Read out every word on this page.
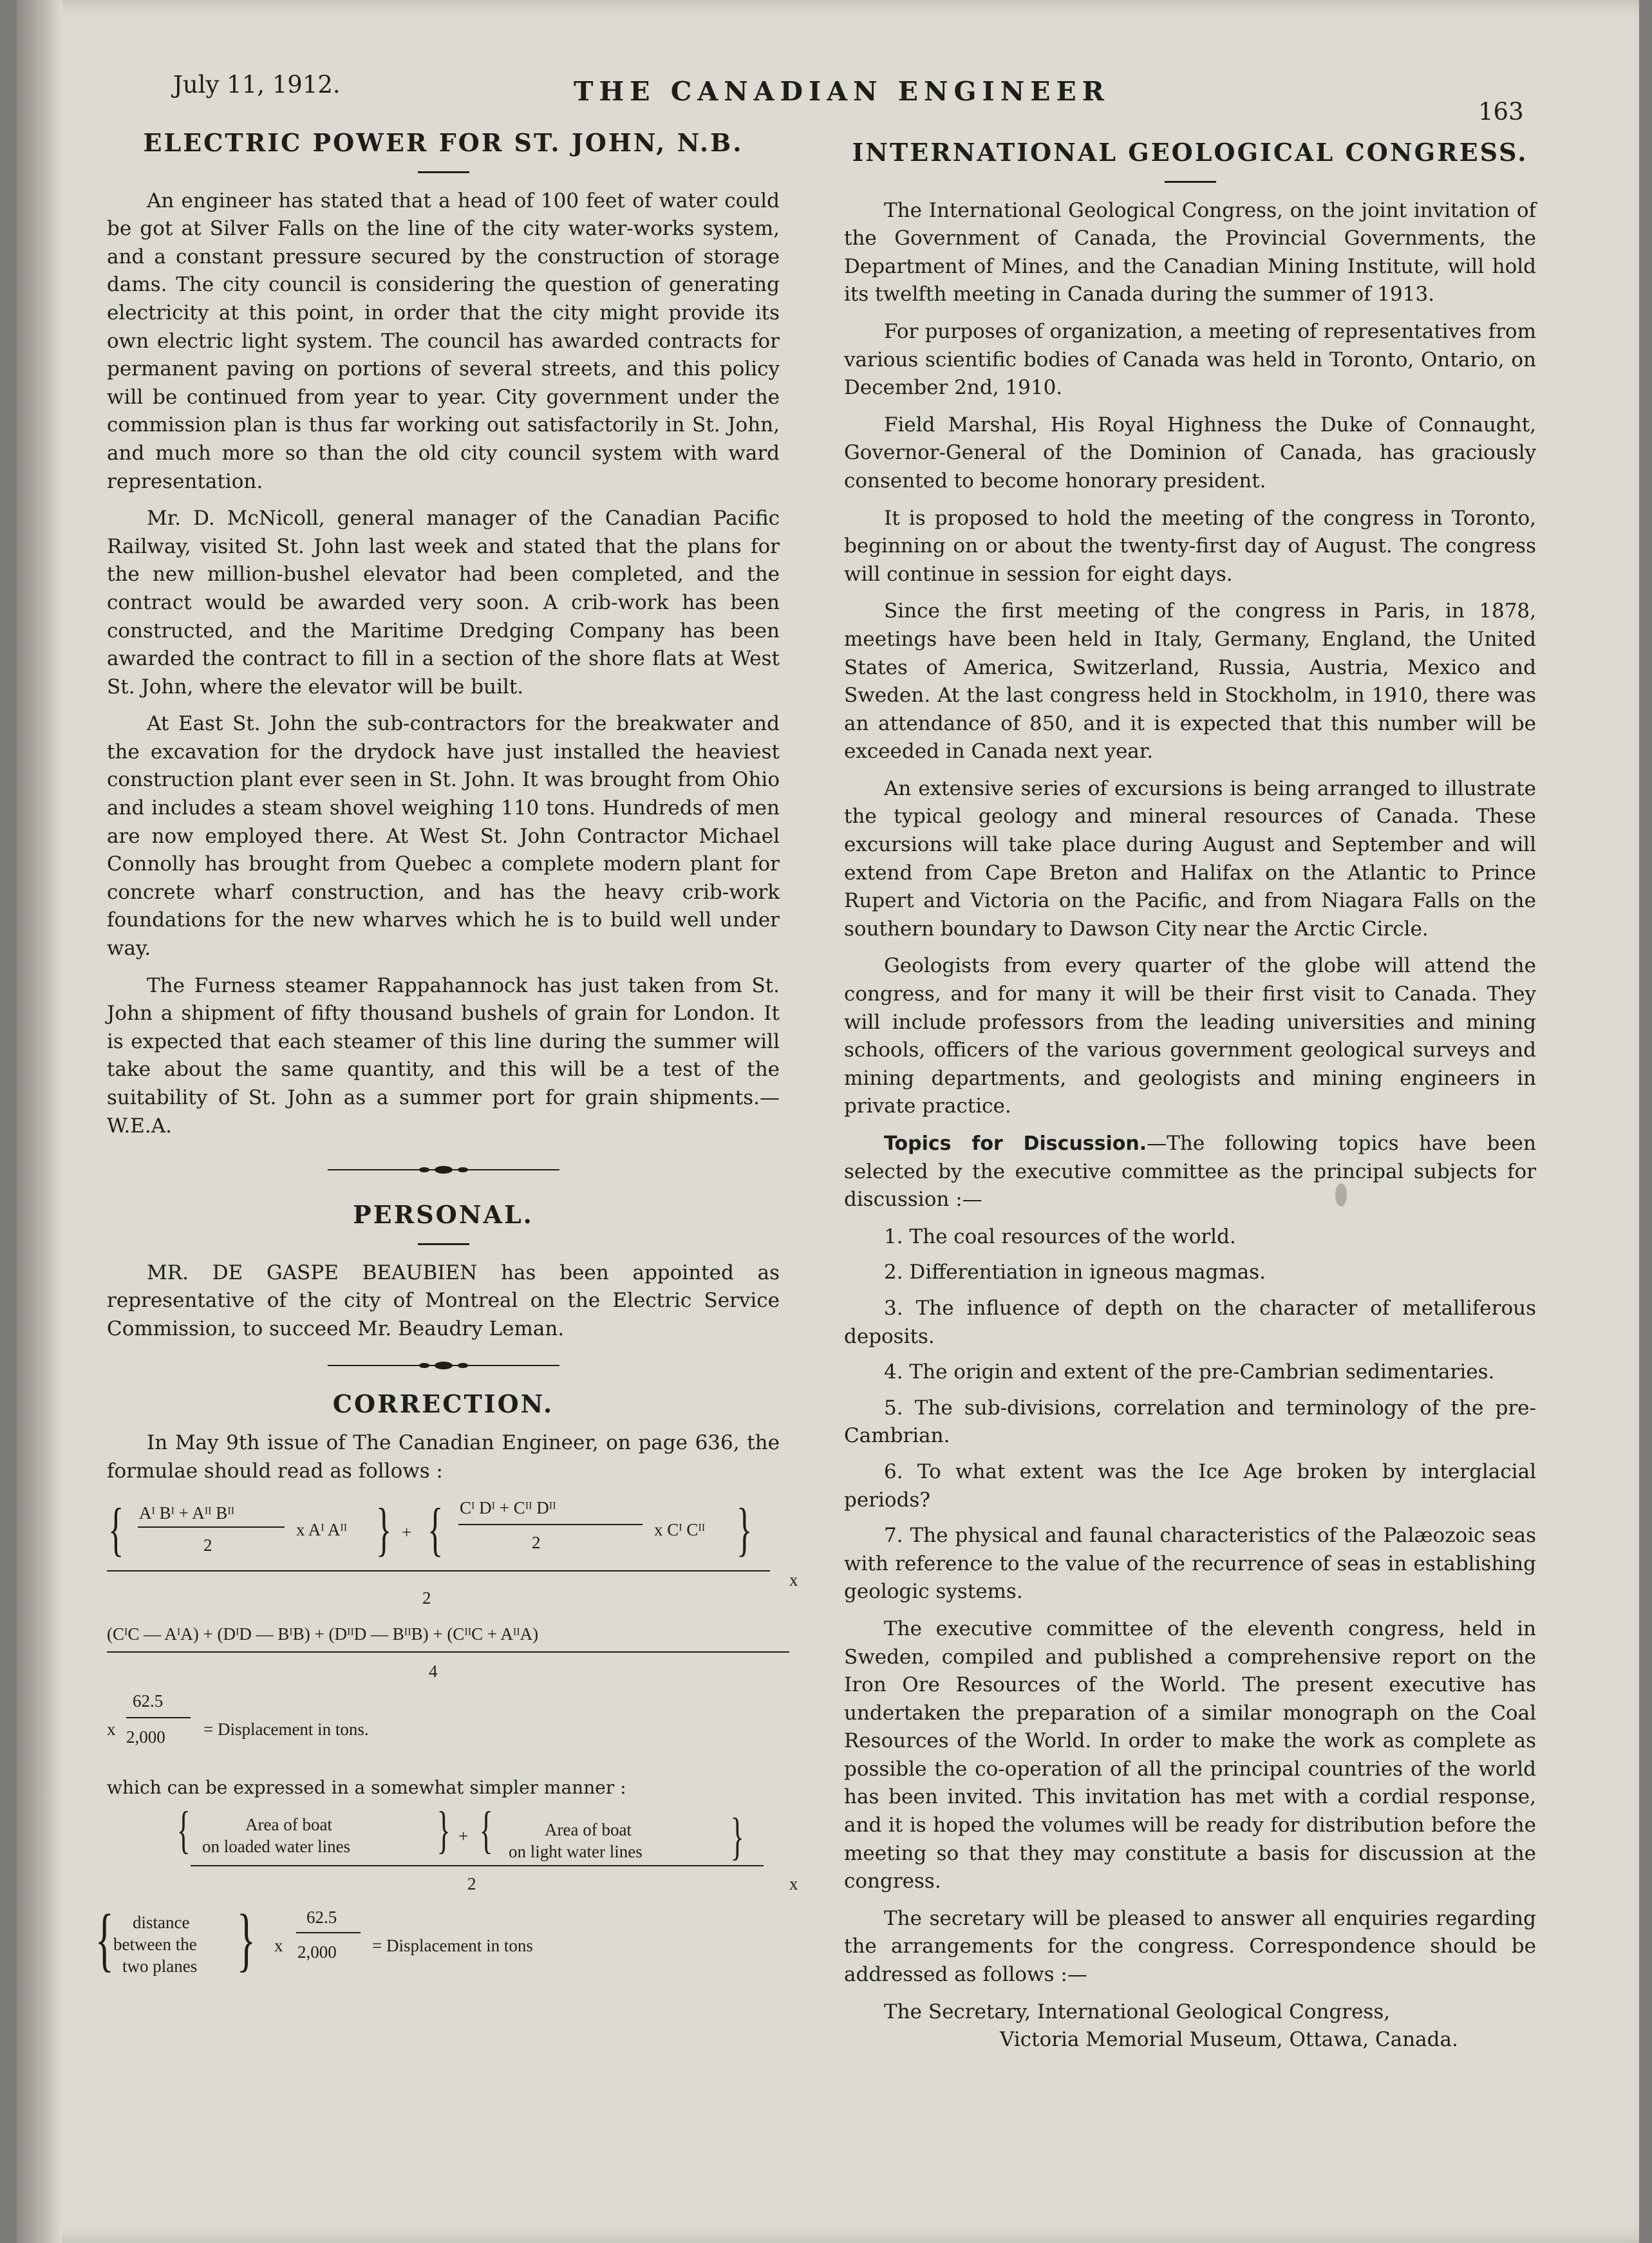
July 11, 1912.	THE CANADIAN ENGINEER
163
ELECTRIC POWER FOR ST. JOHN, N.B.

An engineer has stated that a head of 100 feet of water could be got at Silver Falls on the line of the city water-works system, and a constant pressure secured by the construction of storage dams. The city council is considering the question of generating electricity at this point, in order that the city might provide its own electric light system. The council has awarded contracts for permanent paving on portions of several streets, and this policy will be continued from year to year. City government under the commission plan is thus far working out satisfactorily in St. John, and much more so than the old city council system with ward representation.

Mr. D. McNicoll, general manager of the Canadian Pacific Railway, visited St. John last week and stated that the plans for the new million-bushel elevator had been completed, and the contract would be awarded very soon. A crib-work has been constructed, and the Maritime Dredging Company has been awarded the contract to fill in a section of the shore flats at West St. John, where the elevator will be built.

At East St. John the sub-contractors for the breakwater and the excavation for the drydock have just installed the heaviest construction plant ever seen in St. John. It was brought from Ohio and includes a steam shovel weighing 110 tons. Hundreds of men are now employed there. At West St. John Contractor Michael Connolly has brought from Quebec a complete modern plant for concrete wharf construction, and has the heavy crib-work foundations for the new wharves which he is to build well under way.

The Furness steamer Rappahannock has just taken from St. John a shipment of fifty thousand bushels of grain for London. It is expected that each steamer of this line during the summer will take about the same quantity, and this will be a test of the suitability of St. John as a summer port for grain shipments.—W.E.A.

PERSONAL.

MR. DE GASPE BEAUBIEN has been appointed as representative of the city of Montreal on the Electric Service Commission, to succeed Mr. Beaudry Leman.

CORRECTION.

In May 9th issue of The Canadian Engineer, on page 636, the formulae should read as follows :

{ Aᴵ Bᴵ + Aᴵᴵ Bᴵᴵ
2
x Aᴵ Aᴵᴵ } + { Cᴵ Dᴵ + Cᴵᴵ Dᴵᴵ
2
x Cᴵ Cᴵᴵ }
x
2
(CᴵC — AᴵA) + (DᴵD — BᴵB) + (DᴵᴵD — BᴵᴵB) + (CᴵᴵC + AᴵᴵA)
4
x
62.5
2,000 = Displacement in tons.

which can be expressed in a somewhat simpler manner :

{	Area of boat
on loaded water lines } + {	Area of boat
on light water lines }
2	x
{ distance
between the
two planes } x
62.5
2,000 = Displacement in tons
INTERNATIONAL GEOLOGICAL CONGRESS.

The International Geological Congress, on the joint invitation of the Government of Canada, the Provincial Governments, the Department of Mines, and the Canadian Mining Institute, will hold its twelfth meeting in Canada during the summer of 1913.

For purposes of organization, a meeting of representatives from various scientific bodies of Canada was held in Toronto, Ontario, on December 2nd, 1910.

Field Marshal, His Royal Highness the Duke of Connaught, Governor-General of the Dominion of Canada, has graciously consented to become honorary president.

It is proposed to hold the meeting of the congress in Toronto, beginning on or about the twenty-first day of August. The congress will continue in session for eight days.

Since the first meeting of the congress in Paris, in 1878, meetings have been held in Italy, Germany, England, the United States of America, Switzerland, Russia, Austria, Mexico and Sweden. At the last congress held in Stockholm, in 1910, there was an attendance of 850, and it is expected that this number will be exceeded in Canada next year.

An extensive series of excursions is being arranged to illustrate the typical geology and mineral resources of Canada. These excursions will take place during August and September and will extend from Cape Breton and Halifax on the Atlantic to Prince Rupert and Victoria on the Pacific, and from Niagara Falls on the southern boundary to Dawson City near the Arctic Circle.

Geologists from every quarter of the globe will attend the congress, and for many it will be their first visit to Canada. They will include professors from the leading universities and mining schools, officers of the various government geological surveys and mining departments, and geologists and mining engineers in private practice.

Topics for Discussion.—The following topics have been selected by the executive committee as the principal subjects for discussion :—

1. The coal resources of the world.
2. Differentiation in igneous magmas.
3. The influence of depth on the character of metalliferous deposits.
4. The origin and extent of the pre-Cambrian sedimentaries.
5. The sub-divisions, correlation and terminology of the pre-Cambrian.
6. To what extent was the Ice Age broken by interglacial periods?
7. The physical and faunal characteristics of the Palæozoic seas with reference to the value of the recurrence of seas in establishing geologic systems.

The executive committee of the eleventh congress, held in Sweden, compiled and published a comprehensive report on the Iron Ore Resources of the World. The present executive has undertaken the preparation of a similar monograph on the Coal Resources of the World. In order to make the work as complete as possible the co-operation of all the principal countries of the world has been invited. This invitation has met with a cordial response, and it is hoped the volumes will be ready for distribution before the meeting so that they may constitute a basis for discussion at the congress.

The secretary will be pleased to answer all enquiries regarding the arrangements for the congress. Correspondence should be addressed as follows :—

The Secretary, International Geological Congress,

Victoria Memorial Museum, Ottawa, Canada.
